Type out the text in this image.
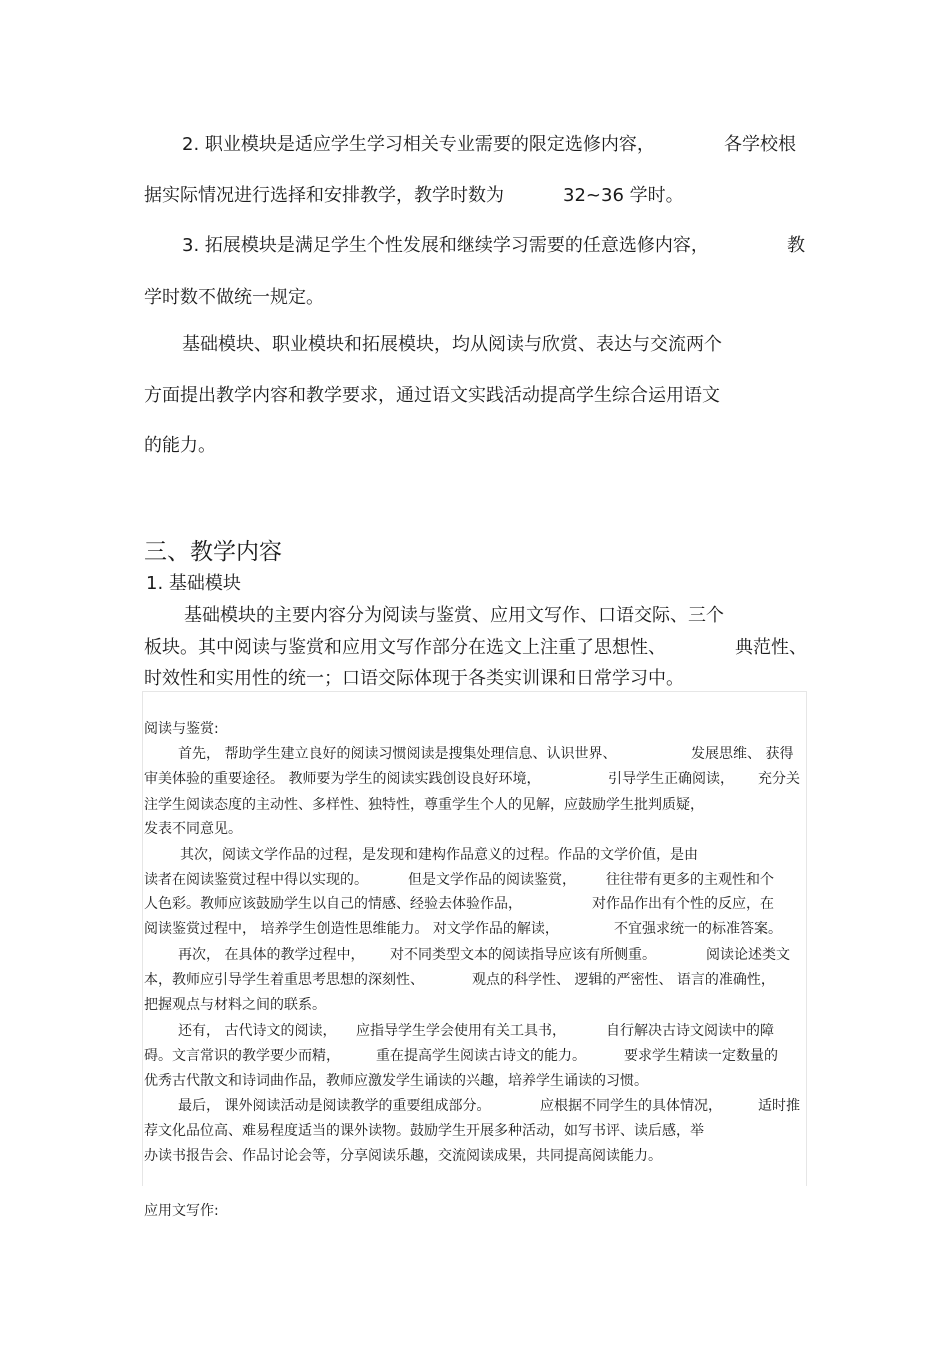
2. 职业模块是适应学生学习相关专业需要的限定选修内容，	各学校根

据实际情况进行选择和安排教学，教学时数为	32~36 学时。

3. 拓展模块是满足学生个性发展和继续学习需要的任意选修内容，	教

学时数不做统一规定。

基础模块、职业模块和拓展模块，均从阅读与欣赏、表达与交流两个

方面提出教学内容和教学要求，通过语文实践活动提高学生综合运用语文

的能力。

三、教学内容

1. 基础模块

基础模块的主要内容分为阅读与鉴赏、应用文写作、口语交际、三个

板块。其中阅读与鉴赏和应用文写作部分在选文上注重了思想性、	典范性、

时效性和实用性的统一；口语交际体现于各类实训课和日常学习中。

阅读与鉴赏:

首先， 帮助学生建立良好的阅读习惯阅读是搜集处理信息、认识世界、	发展思维、 获得

审美体验的重要途径。 教师要为学生的阅读实践创设良好环境，	引导学生正确阅读， 充分关

注学生阅读态度的主动性、多样性、独特性，尊重学生个人的见解，应鼓励学生批判质疑，

发表不同意见。

其次，阅读文学作品的过程，是发现和建构作品意义的过程。作品的文学价值，是由

读者在阅读鉴赏过程中得以实现的。	但是文学作品的阅读鉴赏， 往往带有更多的主观性和个

人色彩。教师应该鼓励学生以自己的情感、经验去体验作品，	对作品作出有个性的反应，在

阅读鉴赏过程中， 培养学生创造性思维能力。 对文学作品的解读，	不宜强求统一的标准答案。

再次， 在具体的教学过程中， 对不同类型文本的阅读指导应该有所侧重。	阅读论述类文

本，教师应引导学生着重思考思想的深刻性、	观点的科学性、 逻辑的严密性、 语言的准确性，

把握观点与材料之间的联系。

还有， 古代诗文的阅读， 应指导学生学会使用有关工具书，	自行解决古诗文阅读中的障

碍。文言常识的教学要少而精，	重在提高学生阅读古诗文的能力。	要求学生精读一定数量的

优秀古代散文和诗词曲作品，教师应激发学生诵读的兴趣，培养学生诵读的习惯。

最后， 课外阅读活动是阅读教学的重要组成部分。	应根据不同学生的具体情况，	适时推

荐文化品位高、难易程度适当的课外读物。鼓励学生开展多种活动，如写书评、读后感，举

办读书报告会、作品讨论会等，分享阅读乐趣，交流阅读成果，共同提高阅读能力。

应用文写作:
